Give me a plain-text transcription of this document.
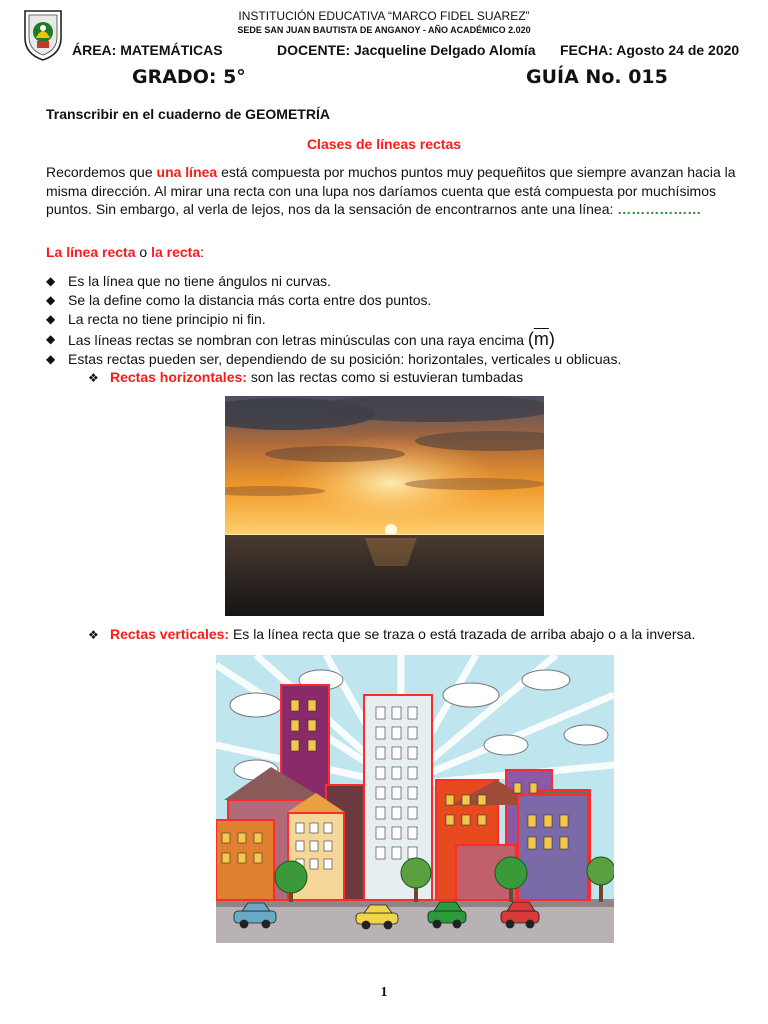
INSTITUCIÓN EDUCATIVA “MARCO FIDEL SUAREZ”
SEDE SAN JUAN BAUTISTA DE ANGANOY - AÑO ACADÉMICO 2.020
ÁREA: MATEMÁTICAS	DOCENTE: Jacqueline Delgado Alomía FECHA: Agosto 24 de 2020
GRADO: 5°	GUÍA No. 015
Transcribir en el cuaderno de GEOMETRÍA
Clases de líneas rectas
Recordemos que una línea está compuesta por muchos puntos muy pequeñitos que siempre avanzan hacia la misma dirección. Al mirar una recta con una lupa nos daríamos cuenta que está compuesta por muchísimos puntos. Sin embargo, al verla de lejos, nos da la sensación de encontrarnos ante una línea: ………………
La línea recta o la recta:
◆ Es la línea que no tiene ángulos ni curvas.
◆ Se la define como la distancia más corta entre dos puntos.
◆ La recta no tiene principio ni fin.
◆ Las líneas rectas se nombran con letras minúsculas con una raya encima $(\overline{m})$
◆ Estas rectas pueden ser, dependiendo de su posición: horizontales, verticales u oblicuas.
❖ Rectas horizontales: son las rectas como si estuvieran tumbadas
❖ Rectas verticales: Es la línea recta que se traza o está trazada de arriba abajo o a la inversa.
1
